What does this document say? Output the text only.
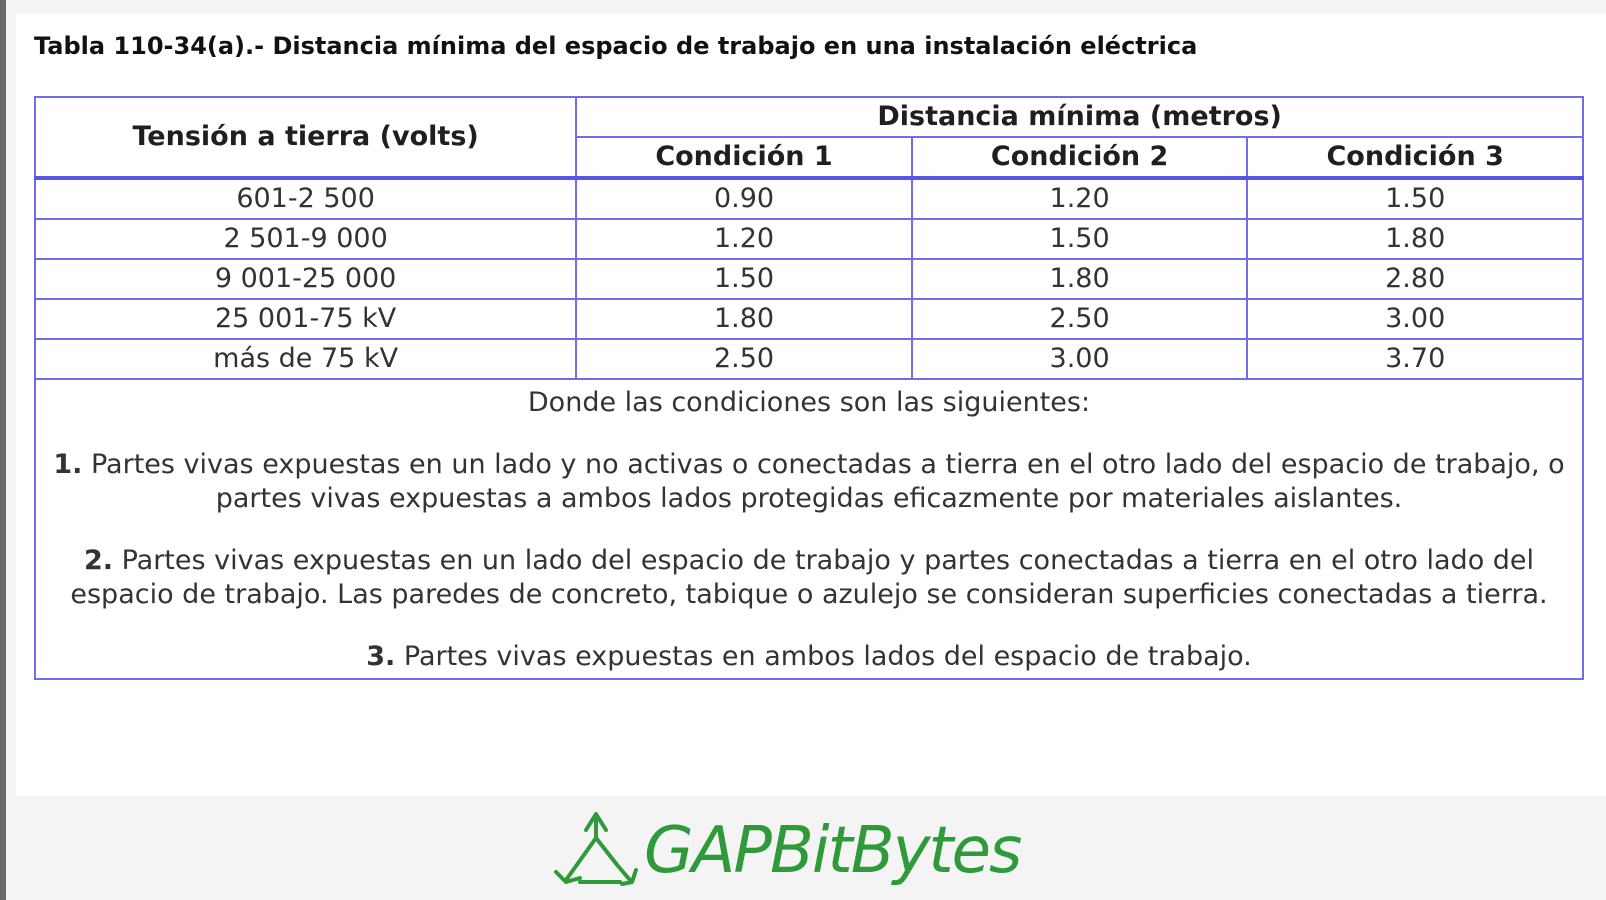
Tabla 110-34(a).- Distancia mínima del espacio de trabajo en una instalación eléctrica
Tensión a tierra (volts)	Distancia mínima (metros)		
	Condición 1	Condición 2	Condición 3
601-2 500	0.90	1.20	1.50
2 501-9 000	1.20	1.50	1.80
9 001-25 000	1.50	1.80	2.80
25 001-75 kV	1.80	2.50	3.00
más de 75 kV	2.50	3.00	3.70

Donde las condiciones son las siguientes:

1. Partes vivas expuestas en un lado y no activas o conectadas a tierra en el otro lado del espacio de trabajo, o partes vivas expuestas a ambos lados protegidas eficazmente por materiales aislantes.

2. Partes vivas expuestas en un lado del espacio de trabajo y partes conectadas a tierra en el otro lado del espacio de trabajo. Las paredes de concreto, tabique o azulejo se consideran superficies conectadas a tierra.

3. Partes vivas expuestas en ambos lados del espacio de trabajo.			

GAPBitBytes
